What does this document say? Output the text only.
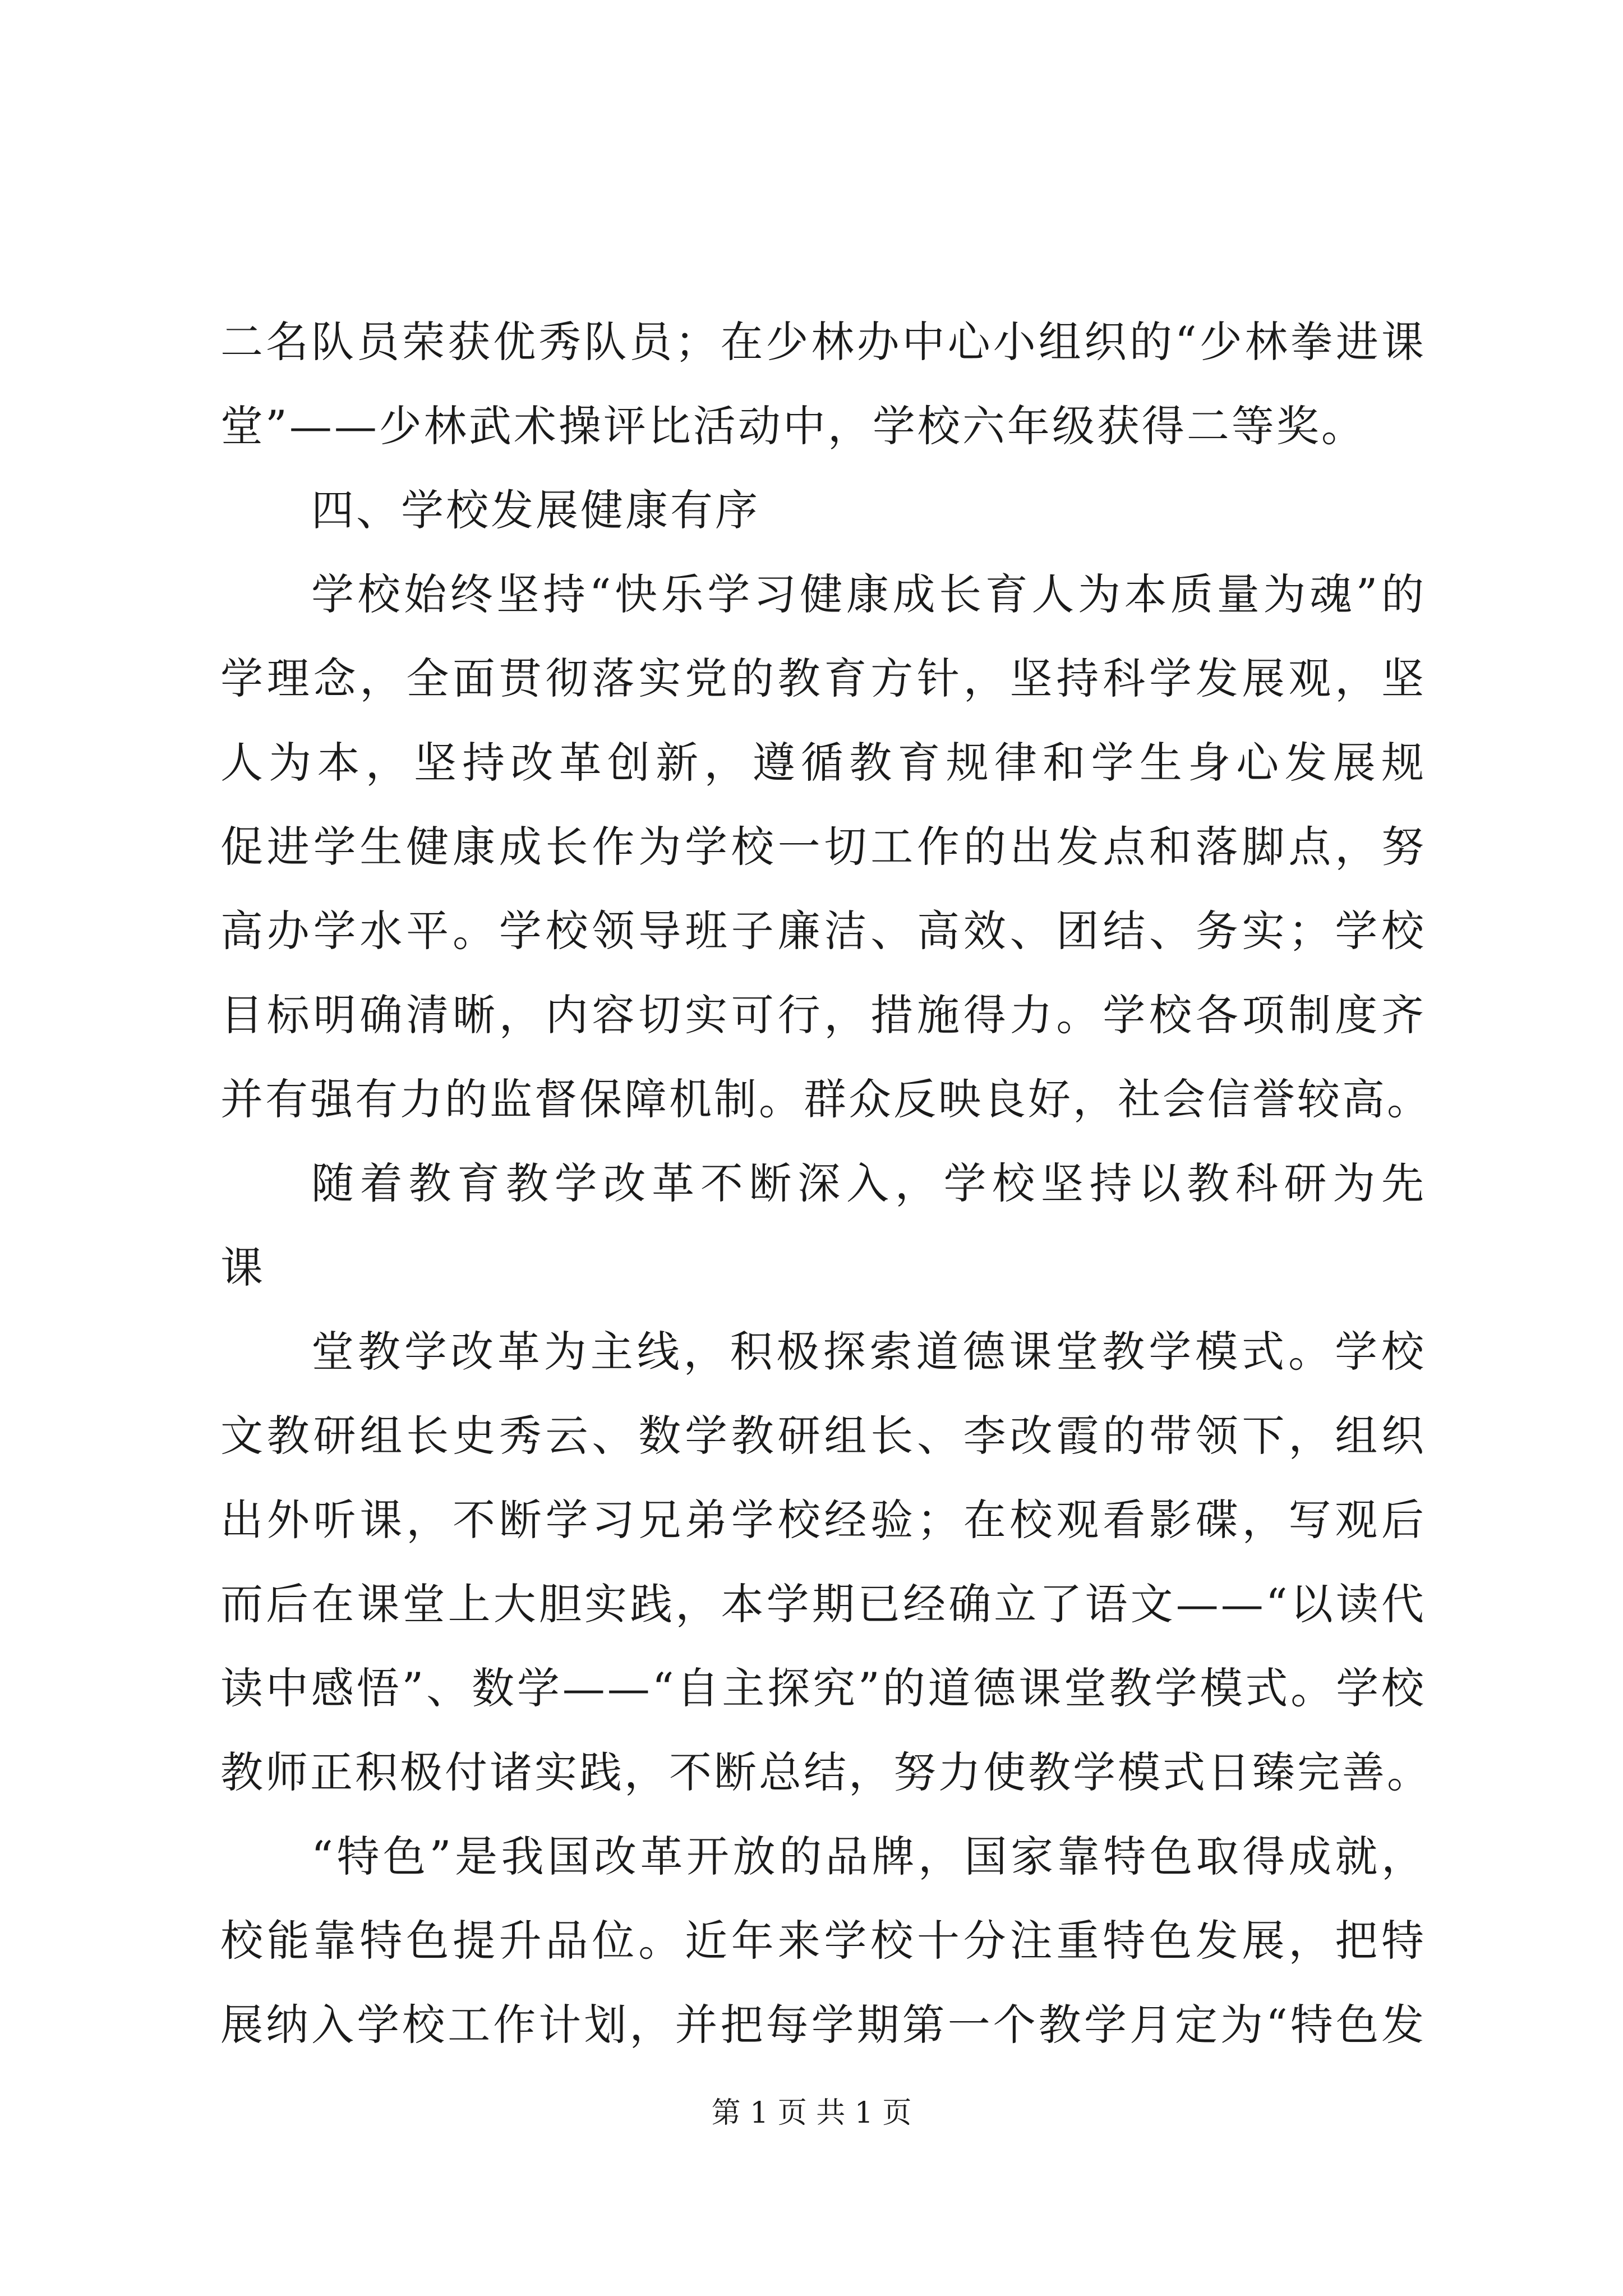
二名队员荣获优秀队员；在少林办中心小组织的“少林拳进课
堂”——少林武术操评比活动中，学校六年级获得二等奖。
四、学校发展健康有序
学校始终坚持“快乐学习健康成长育人为本质量为魂”的
学理念，全面贯彻落实党的教育方针，坚持科学发展观，坚
人为本，坚持改革创新，遵循教育规律和学生身心发展规
促进学生健康成长作为学校一切工作的出发点和落脚点，努
高办学水平。学校领导班子廉洁、高效、团结、务实；学校
目标明确清晰，内容切实可行，措施得力。学校各项制度齐
并有强有力的监督保障机制。群众反映良好，社会信誉较高。
随着教育教学改革不断深入，学校坚持以教科研为先
课
堂教学改革为主线，积极探索道德课堂教学模式。学校
文教研组长史秀云、数学教研组长、李改霞的带领下，组织
出外听课，不断学习兄弟学校经验；在校观看影碟，写观后
而后在课堂上大胆实践，本学期已经确立了语文——“以读代
读中感悟”、数学——“自主探究”的道德课堂教学模式。学校
教师正积极付诸实践，不断总结，努力使教学模式日臻完善。
“特色”是我国改革开放的品牌，国家靠特色取得成就，
校能靠特色提升品位。近年来学校十分注重特色发展，把特
展纳入学校工作计划，并把每学期第一个教学月定为“特色发
第 1 页 共 1 页
